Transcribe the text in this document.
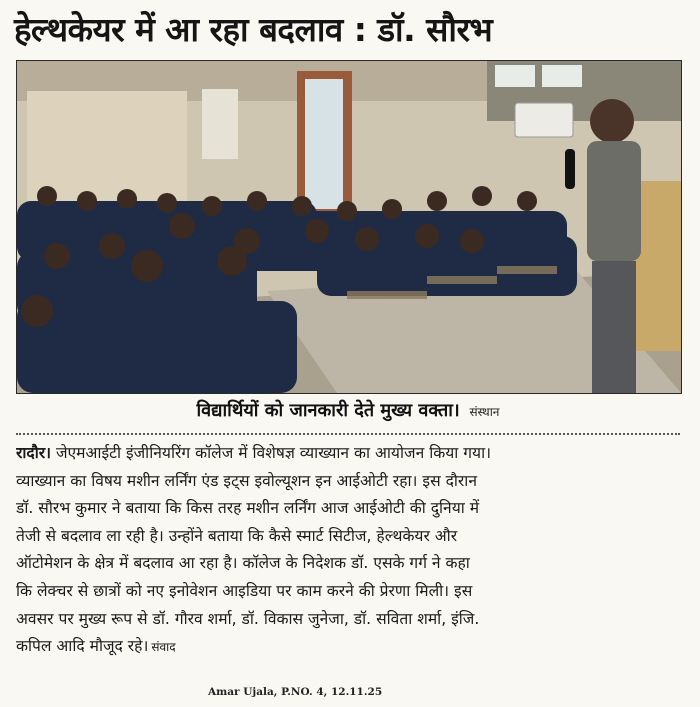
हेल्थकेयर में आ रहा बदलाव : डॉ. सौरभ
विद्यार्थियों को जानकारी देते मुख्य वक्ता। संस्थान
रादौर। जेएमआईटी इंजीनियरिंग कॉलेज में विशेषज्ञ व्याख्यान का आयोजन किया गया।
व्याख्यान का विषय मशीन लर्निंग एंड इट्स इवोल्यूशन इन आईओटी रहा। इस दौरान
डॉ. सौरभ कुमार ने बताया कि किस तरह मशीन लर्निंग आज आईओटी की दुनिया में
तेजी से बदलाव ला रही है। उन्होंने बताया कि कैसे स्मार्ट सिटीज, हेल्थकेयर और
ऑटोमेशन के क्षेत्र में बदलाव आ रहा है। कॉलेज के निदेशक डॉ. एसके गर्ग ने कहा
कि लेक्चर से छात्रों को नए इनोवेशन आइडिया पर काम करने की प्रेरणा मिली। इस
अवसर पर मुख्य रूप से डॉ. गौरव शर्मा, डॉ. विकास जुनेजा, डॉ. सविता शर्मा, इंजि.
कपिल आदि मौजूद रहे। संवाद
Amar Ujala, P.NO. 4, 12.11.25
